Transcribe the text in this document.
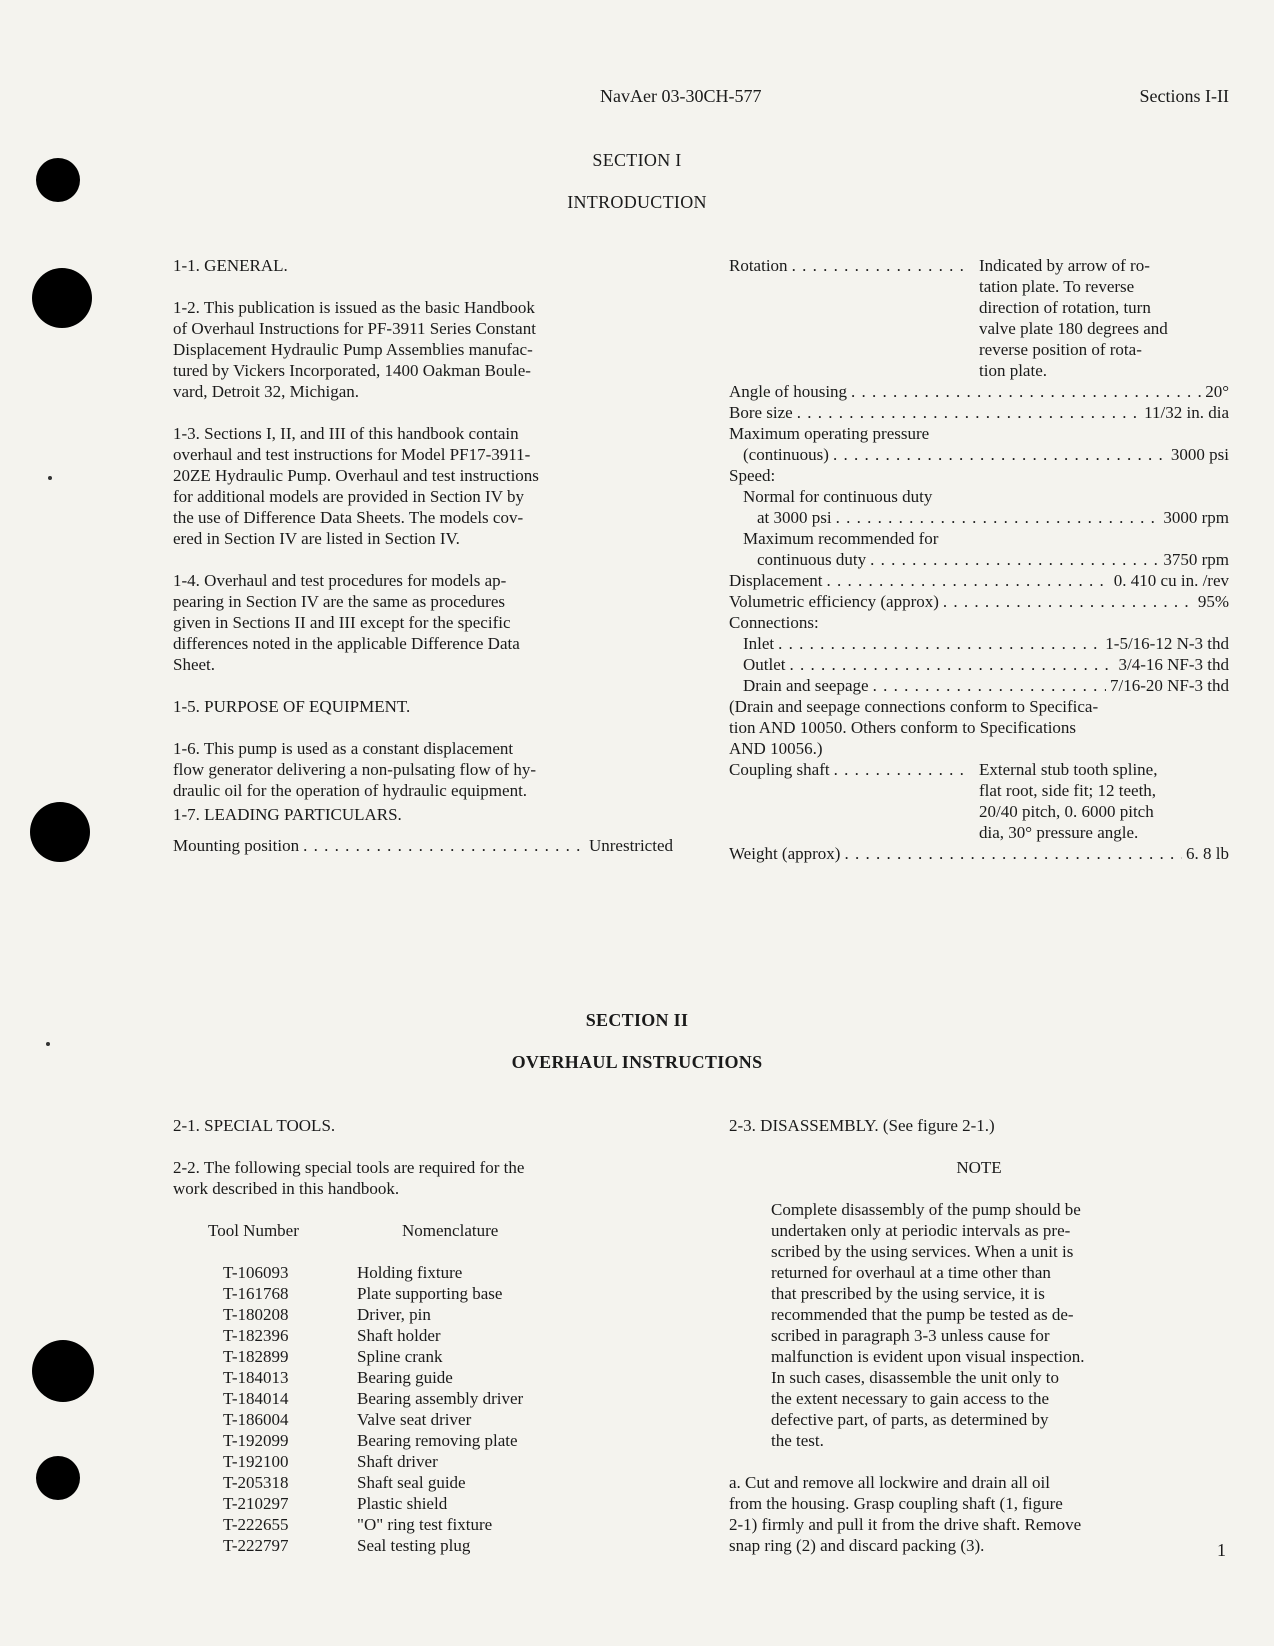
NavAer 03-30CH-577	Sections I-II
SECTION I
INTRODUCTION
1-1. GENERAL.
1-2. This publication is issued as the basic Handbook
of Overhaul Instructions for PF-3911 Series Constant
Displacement Hydraulic Pump Assemblies manufac-
tured by Vickers Incorporated, 1400 Oakman Boule-
vard, Detroit 32, Michigan.
1-3. Sections I, II, and III of this handbook contain
overhaul and test instructions for Model PF17-3911-
20ZE Hydraulic Pump. Overhaul and test instructions
for additional models are provided in Section IV by
the use of Difference Data Sheets. The models cov-
ered in Section IV are listed in Section IV.
1-4. Overhaul and test procedures for models ap-
pearing in Section IV are the same as procedures
given in Sections II and III except for the specific
differences noted in the applicable Difference Data
Sheet.
1-5. PURPOSE OF EQUIPMENT.
1-6. This pump is used as a constant displacement
flow generator delivering a non-pulsating flow of hy-
draulic oil for the operation of hydraulic equipment.
1-7. LEADING PARTICULARS.
Mounting position . . .	Unrestricted
Rotation . . .	Indicated by arrow of ro-
tation plate. To reverse
direction of rotation, turn
valve plate 180 degrees and
reverse position of rota-
tion plate.
Angle of housing . . .	20°
Bore size . . .	11/32 in. dia
Maximum operating pressure
(continuous) . . .	3000 psi
Speed:
Normal for continuous duty
at 3000 psi . . .	3000 rpm
Maximum recommended for
continuous duty . . .	3750 rpm
Displacement . . .	0. 410 cu in. /rev
Volumetric efficiency (approx) . . .	95%
Connections:
Inlet . . .	1-5/16-12 N-3 thd
Outlet . . .	3/4-16 NF-3 thd
Drain and seepage . . .	7/16-20 NF-3 thd
(Drain and seepage connections conform to Specifica-
tion AND 10050. Others conform to Specifications
AND 10056.)
Coupling shaft . . .	External stub tooth spline,
flat root, side fit; 12 teeth,
20/40 pitch, 0. 6000 pitch
dia, 30° pressure angle.
Weight (approx) . . .	6. 8 lb
SECTION II
OVERHAUL INSTRUCTIONS
2-1. SPECIAL TOOLS.
2-2. The following special tools are required for the
work described in this handbook.
Tool Number	Nomenclature
T-106093	Holding fixture
T-161768	Plate supporting base
T-180208	Driver, pin
T-182396	Shaft holder
T-182899	Spline crank
T-184013	Bearing guide
T-184014	Bearing assembly driver
T-186004	Valve seat driver
T-192099	Bearing removing plate
T-192100	Shaft driver
T-205318	Shaft seal guide
T-210297	Plastic shield
T-222655	"O" ring test fixture
T-222797	Seal testing plug
2-3. DISASSEMBLY. (See figure 2-1.)
NOTE
Complete disassembly of the pump should be
undertaken only at periodic intervals as pre-
scribed by the using services. When a unit is
returned for overhaul at a time other than
that prescribed by the using service, it is
recommended that the pump be tested as de-
scribed in paragraph 3-3 unless cause for
malfunction is evident upon visual inspection.
In such cases, disassemble the unit only to
the extent necessary to gain access to the
defective part, of parts, as determined by
the test.
a. Cut and remove all lockwire and drain all oil
from the housing. Grasp coupling shaft (1, figure
2-1) firmly and pull it from the drive shaft. Remove
snap ring (2) and discard packing (3).	1
